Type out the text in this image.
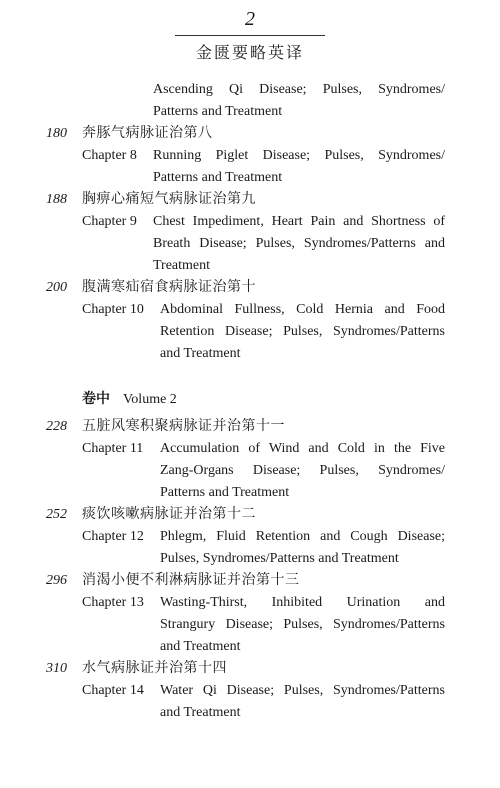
2
金匮要略英译
Ascending Qi Disease; Pulses, Syndromes/
Patterns and Treatment
180 奔豚气病脉证治第八
Chapter 8 Running Piglet Disease; Pulses, Syndromes/
Patterns and Treatment
188 胸痹心痛短气病脉证治第九
Chapter 9 Chest Impediment, Heart Pain and Shortness of
Breath Disease; Pulses, Syndromes/Patterns and
Treatment
200 腹满寒疝宿食病脉证治第十
Chapter 10 Abdominal Fullness, Cold Hernia and Food
Retention Disease; Pulses, Syndromes/Patterns
and Treatment
卷中 Volume 2
228 五脏风寒积聚病脉证并治第十一
Chapter 11 Accumulation of Wind and Cold in the Five
Zang-Organs Disease; Pulses, Syndromes/
Patterns and Treatment
252 痰饮咳嗽病脉证并治第十二
Chapter 12 Phlegm, Fluid Retention and Cough Disease;
Pulses, Syndromes/Patterns and Treatment
296 消渴小便不利淋病脉证并治第十三
Chapter 13 Wasting-Thirst, Inhibited Urination and
Strangury Disease; Pulses, Syndromes/Patterns
and Treatment
310 水气病脉证并治第十四
Chapter 14 Water Qi Disease; Pulses, Syndromes/Patterns
and Treatment
